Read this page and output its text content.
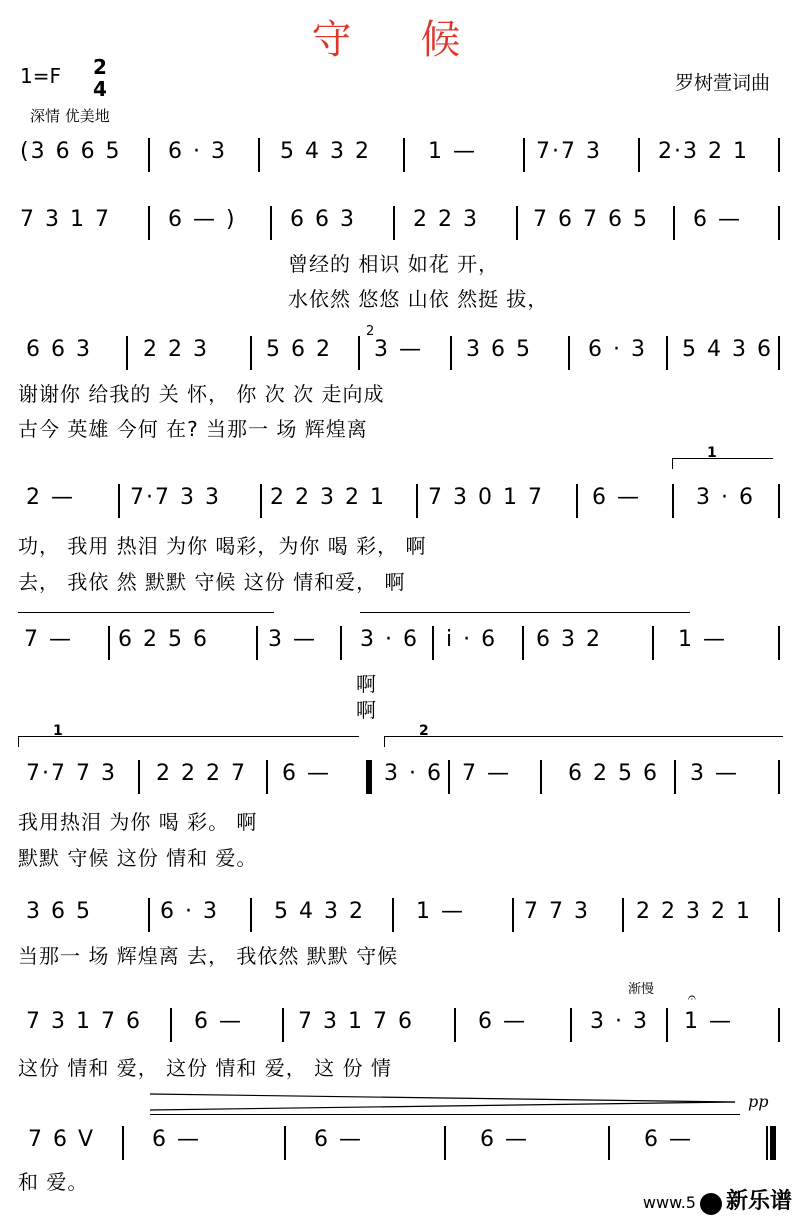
守 候
1=F 2
4	罗树萱词曲
深情 优美地
(3 6 6 5 6 · 3 5 4 3 2	1 —	7·7 3	2·3 2 1
7 3 1 7	6 — ) 6 6 3	2 2 3 7 6 7 6 5 6 —
曾经的 相识 如花 开，
水依然 悠悠 山依 然挺 拔，
6 6 3 2 2 3	5 6 2
2
3 — 3 6 5	6 · 3 5 4 3 6
谢谢你 给我的 关 怀， 你 次 次 走向成
古今 英雄 今何 在? 当那一 场 辉煌离
1
2 —	7·7 3 3 2 2 3 2 1 7 3 0 1 7 6 —	3 · 6
功， 我用 热泪 为你 喝彩，为你 喝 彩， 啊
去， 我依 然 默默 守候 这份 情和爱， 啊
7 — 6 2 5 6	3 — 3 · 6 i · 6 6 3 2	1 —
啊
啊
1	2
7·7 7 3 2 2 2 7 6 — 3 · 6 7 —	6 2 5 6 3 —
我用热泪 为你 喝 彩。 啊
默默 守候 这份 情和 爱。
3 6 5	6 · 3	5 4 3 2 1 —	7 7 3 2 2 3 2 1
当那一 场 辉煌离 去， 我依然 默默 守候
渐慢
𝄐
7 3 1 7 6 6 —	7 3 1 7 6	6 —	3 · 3 1 —
这份 情和 爱， 这份 情和 爱， 这 份 情
pp
7 6 V	6 —	6 —	6 —	6 —
和 爱。
www.5 新乐谱
